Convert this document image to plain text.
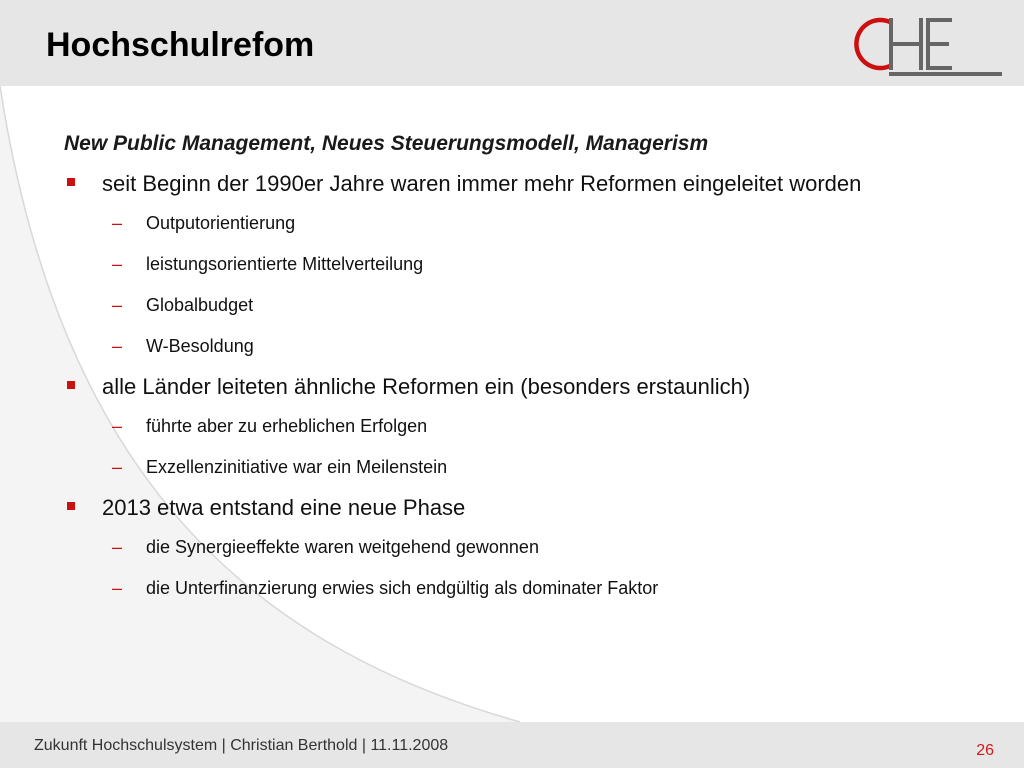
Hochschulrefom

New Public Management, Neues Steuerungsmodell, Managerism

seit Beginn der 1990er Jahre waren immer mehr Reformen eingeleitet worden
– Outputorientierung
– leistungsorientierte Mittelverteilung
– Globalbudget
– W-Besoldung
alle Länder leiteten ähnliche Reformen ein (besonders erstaunlich)
– führte aber zu erheblichen Erfolgen
– Exzellenzinitiative war ein Meilenstein
2013 etwa entstand eine neue Phase
– die Synergieeffekte waren weitgehend gewonnen
– die Unterfinanzierung erwies sich endgültig als dominater Faktor
Zukunft Hochschulsystem | Christian Berthold | 11.11.2008	26
